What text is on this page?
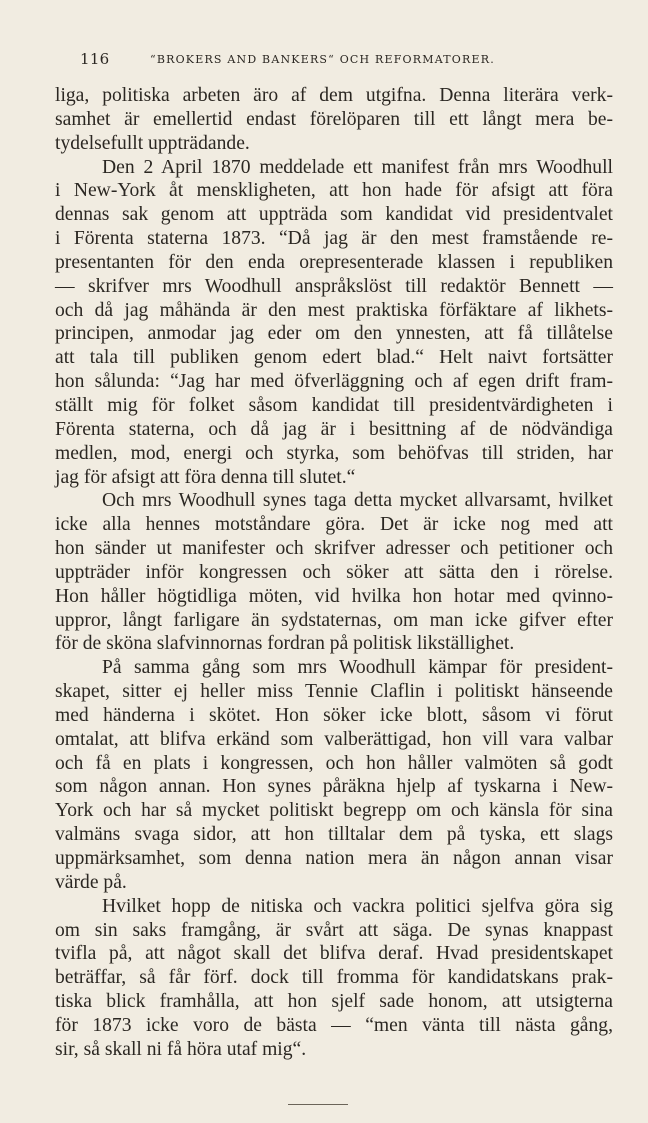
116	“BROKERS AND BANKERS“ OCH REFORMATORER.
liga, politiska arbeten äro af dem utgifna. Denna literära verk-
samhet är emellertid endast förelöparen till ett långt mera be-
tydelsefullt uppträdande.
Den 2 April 1870 meddelade ett manifest från mrs Woodhull
i New-York åt menskligheten, att hon hade för afsigt att föra
dennas sak genom att uppträda som kandidat vid presidentvalet
i Förenta staterna 1873. “Då jag är den mest framstående re-
presentanten för den enda orepresenterade klassen i republiken
— skrifver mrs Woodhull anspråkslöst till redaktör Bennett —
och då jag måhända är den mest praktiska förfäktare af likhets-
principen, anmodar jag eder om den ynnesten, att få tillåtelse
att tala till publiken genom edert blad.“ Helt naivt fortsätter
hon sålunda: “Jag har med öfverläggning och af egen drift fram-
ställt mig för folket såsom kandidat till presidentvärdigheten i
Förenta staterna, och då jag är i besittning af de nödvändiga
medlen, mod, energi och styrka, som behöfvas till striden, har
jag för afsigt att föra denna till slutet.“
Och mrs Woodhull synes taga detta mycket allvarsamt, hvilket
icke alla hennes motståndare göra. Det är icke nog med att
hon sänder ut manifester och skrifver adresser och petitioner och
uppträder inför kongressen och söker att sätta den i rörelse.
Hon håller högtidliga möten, vid hvilka hon hotar med qvinno-
uppror, långt farligare än sydstaternas, om man icke gifver efter
för de sköna slafvinnornas fordran på politisk likställighet.
På samma gång som mrs Woodhull kämpar för president-
skapet, sitter ej heller miss Tennie Claflin i politiskt hänseende
med händerna i skötet. Hon söker icke blott, såsom vi förut
omtalat, att blifva erkänd som valberättigad, hon vill vara valbar
och få en plats i kongressen, och hon håller valmöten så godt
som någon annan. Hon synes påräkna hjelp af tyskarna i New-
York och har så mycket politiskt begrepp om och känsla för sina
valmäns svaga sidor, att hon tilltalar dem på tyska, ett slags
uppmärksamhet, som denna nation mera än någon annan visar
värde på.
Hvilket hopp de nitiska och vackra politici sjelfva göra sig
om sin saks framgång, är svårt att säga. De synas knappast
tvifla på, att något skall det blifva deraf. Hvad presidentskapet
beträffar, så får förf. dock till fromma för kandidatskans prak-
tiska blick framhålla, att hon sjelf sade honom, att utsigterna
för 1873 icke voro de bästa — “men vänta till nästa gång,
sir, så skall ni få höra utaf mig“.
